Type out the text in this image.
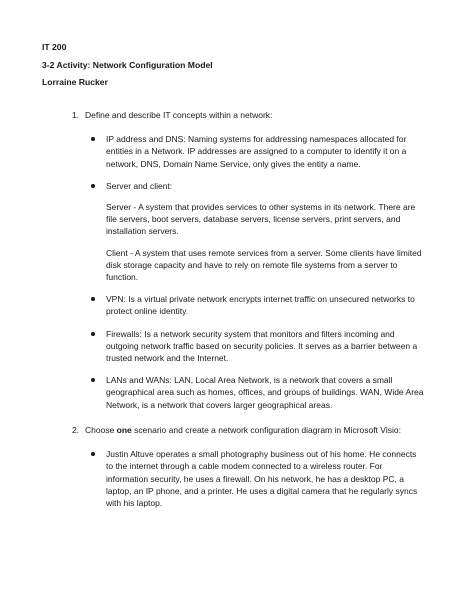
IT 200
3-2 Activity: Network Configuration Model
Lorraine Rucker
1. Define and describe IT concepts within a network:
IP address and DNS: Naming systems for addressing namespaces allocated for entities in a Network. IP addresses are assigned to a computer to identify it on a network, DNS, Domain Name Service, only gives the entity a name.
Server and client:
Server - A system that provides services to other systems in its network. There are file servers, boot servers, database servers, license servers, print servers, and installation servers.
Client - A system that uses remote services from a server. Some clients have limited disk storage capacity and have to rely on remote file systems from a server to function.
VPN: Is a virtual private network encrypts internet traffic on unsecured networks to protect online identity.
Firewalls: Is a network security system that monitors and filters incoming and outgoing network traffic based on security policies. It serves as a barrier between a trusted network and the Internet.
LANs and WANs: LAN, Local Area Network, is a network that covers a small geographical area such as homes, offices, and groups of buildings. WAN, Wide Area Network, is a network that covers larger geographical areas.
2. Choose one scenario and create a network configuration diagram in Microsoft Visio:
Justin Altuve operates a small photography business out of his home. He connects to the internet through a cable modem connected to a wireless router. For information security, he uses a firewall. On his network, he has a desktop PC, a laptop, an IP phone, and a printer. He uses a digital camera that he regularly syncs with his laptop.
